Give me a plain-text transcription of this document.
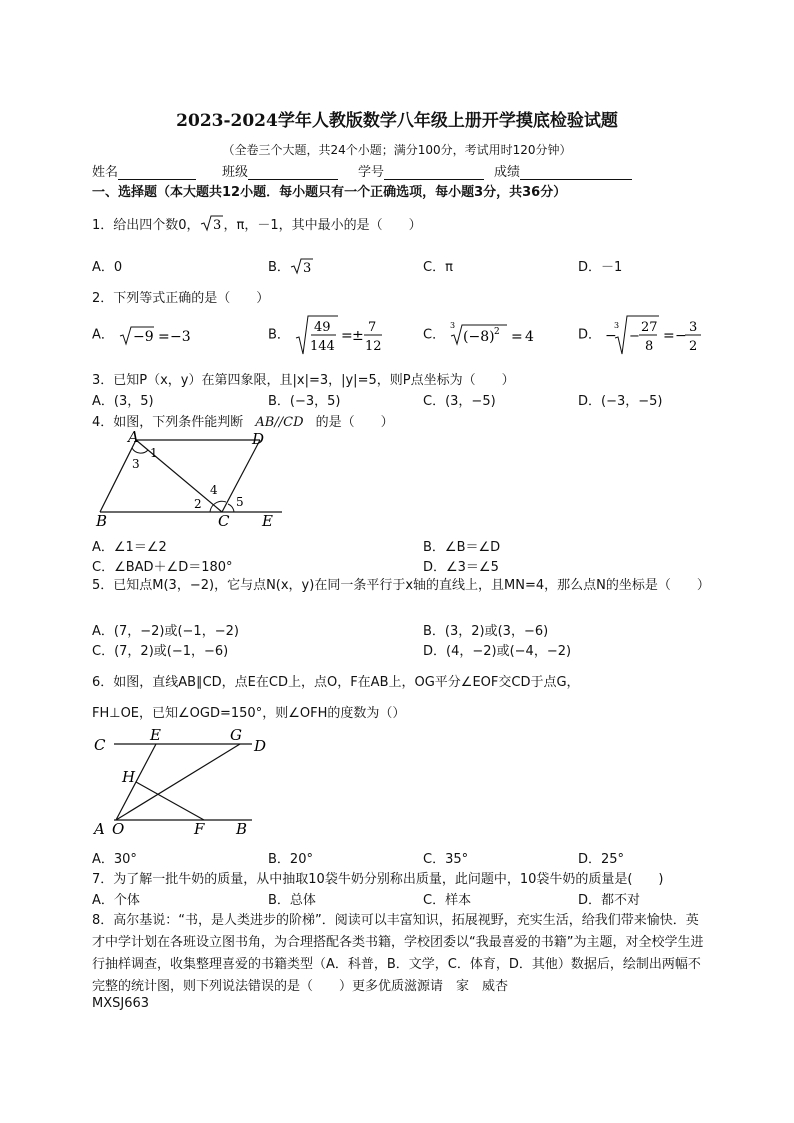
2023-2024学年人教版数学八年级上册开学摸底检验试题
（全卷三个大题，共24个小题；满分100分，考试用时120分钟）
姓名	班级	学号	成绩
一、选择题（本大题共12小题．每小题只有一个正确选项，每小题3分，共36分）
1．给出四个数0， 3 ，π，－1，其中最小的是（　　）
A．0	B． 3	C．π	D．－1
2．下列等式正确的是（　　）
A． −9 = −3	B． 49
144
= ±
7
12
C．
3
(−8) 2 = 4	D． −
3
−
27
8
= −
3
2
3．已知P（x，y）在第四象限，且|x|=3，|y|=5，则P点坐标为（　　）
A．(3，5)	B．(−3，5)	C．(3，−5)	D．(−3，−5)
4．如图，下列条件能判断 AB//CD 的是（　　）
A	D
B	C E
1
3
4
2	5
A．∠1＝∠2	B．∠B＝∠D
C．∠BAD＋∠D＝180°	D．∠3＝∠5
5．已知点M(3，−2)，它与点N(x，y)在同一条平行于x轴的直线上，且MN=4，那么点N的坐标是（　　）
A．(7，−2)或(−1，−2)	B．(3，2)或(3，−6)
C．(7，2)或(−1，−6)	D．(4，−2)或(−4，−2)
6．如图，直线AB∥CD，点E在CD上，点O，F在AB上，OG平分∠EOF交CD于点G，
FH⊥OE，已知∠OGD=150°，则∠OFH的度数为（）
C
E	G
D
H
A O	F B
A．30°	B．20°	C．35°	D．25°
7．为了解一批牛奶的质量，从中抽取10袋牛奶分别称出质量，此问题中，10袋牛奶的质量是(　　)
A．个体	B．总体	C．样本	D．都不对
8．高尔基说：“书，是人类进步的阶梯”．阅读可以丰富知识，拓展视野，充实生活，给我们带来愉快．英才中学计划在各班设立图书角，为合理搭配各类书籍，学校团委以“我最喜爱的书籍”为主题，对全校学生进行抽样调查，收集整理喜爱的书籍类型（A．科普，B．文学，C．体育，D．其他）数据后，绘制出两幅不完整的统计图，则下列说法错误的是（　　）更多优质滋源请　家　威杏
MXSJ663
